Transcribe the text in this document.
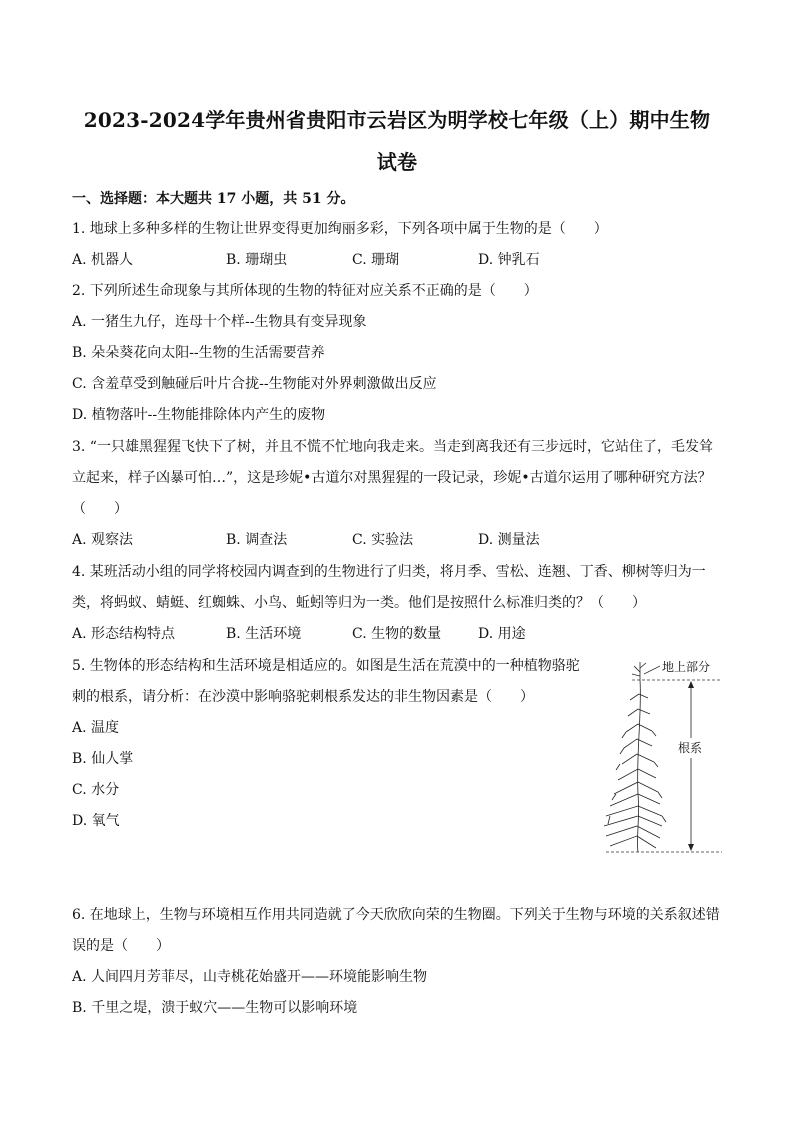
2023-2024学年贵州省贵阳市云岩区为明学校七年级（上）期中生物
试卷
一、选择题：本大题共 17 小题，共 51 分。
1. 地球上多种多样的生物让世界变得更加绚丽多彩，下列各项中属于生物的是（　　）
A. 机器人	B. 珊瑚虫	C. 珊瑚	D. 钟乳石
2. 下列所述生命现象与其所体现的生物的特征对应关系不正确的是（　　）
A. 一猪生九仔，连母十个样--生物具有变异现象
B. 朵朵葵花向太阳--生物的生活需要营养
C. 含羞草受到触碰后叶片合拢--生物能对外界刺激做出反应
D. 植物落叶--生物能排除体内产生的废物
3. “一只雄黑猩猩飞快下了树，并且不慌不忙地向我走来。当走到离我还有三步远时，它站住了，毛发耸
立起来，样子凶暴可怕…”，这是珍妮•古道尔对黑猩猩的一段记录，珍妮•古道尔运用了哪种研究方法？
（　　）
A. 观察法	B. 调查法	C. 实验法	D. 测量法
4. 某班活动小组的同学将校园内调查到的生物进行了归类，将月季、雪松、连翘、丁香、柳树等归为一
类，将蚂蚁、蜻蜓、红蜘蛛、小鸟、蚯蚓等归为一类。他们是按照什么标准归类的？（　　）
A. 形态结构特点	B. 生活环境	C. 生物的数量	D. 用途
5. 生物体的形态结构和生活环境是相适应的。如图是生活在荒漠中的一种植物骆驼
刺的根系，请分析：在沙漠中影响骆驼刺根系发达的非生物因素是（　　）
A. 温度
B. 仙人掌
C. 水分
D. 氧气
地上部分
根系
6. 在地球上，生物与环境相互作用共同造就了今天欣欣向荣的生物圈。下列关于生物与环境的关系叙述错
误的是（　　）
A. 人间四月芳菲尽，山寺桃花始盛开——环境能影响生物
B. 千里之堤，溃于蚁穴——生物可以影响环境
